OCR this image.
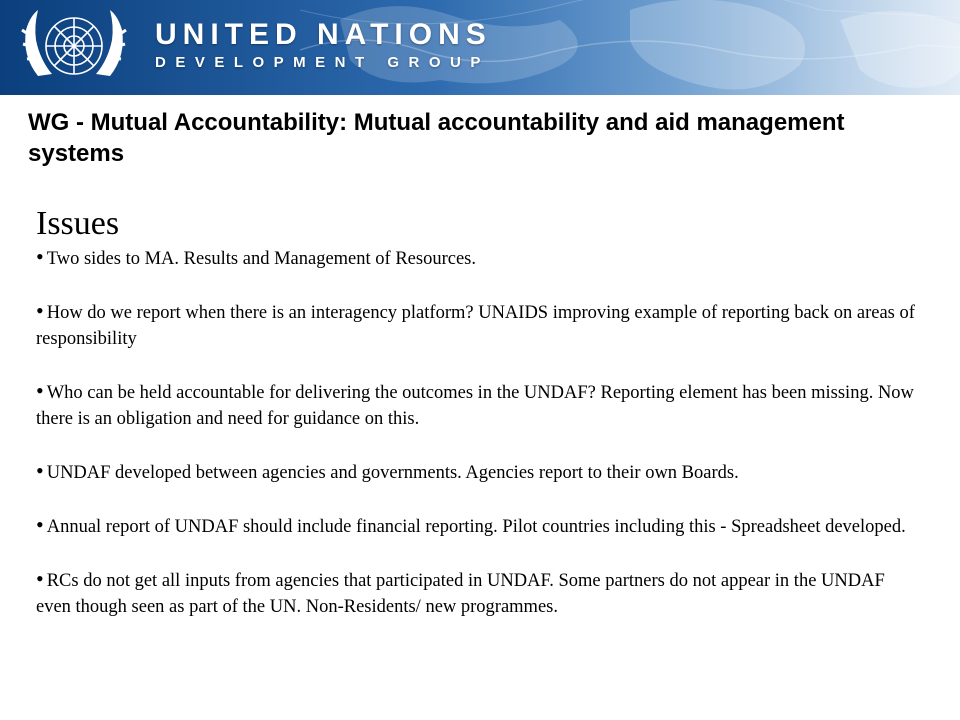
UNITED NATIONS
DEVELOPMENT GROUP
WG - Mutual Accountability: Mutual accountability and aid management systems
Issues
• Two sides to MA. Results and Management of Resources.
• How do we report when there is an interagency platform? UNAIDS improving example of reporting back on areas of responsibility
• Who can be held accountable for delivering the outcomes in the UNDAF? Reporting element has been missing. Now there is an obligation and need for guidance on this.
• UNDAF developed between agencies and governments. Agencies report to their own Boards.
• Annual report of UNDAF should include financial reporting. Pilot countries including this - Spreadsheet developed.
• RCs do not get all inputs from agencies that participated in UNDAF. Some partners do not appear in the UNDAF even though seen as part of the UN. Non-Residents/ new programmes.
